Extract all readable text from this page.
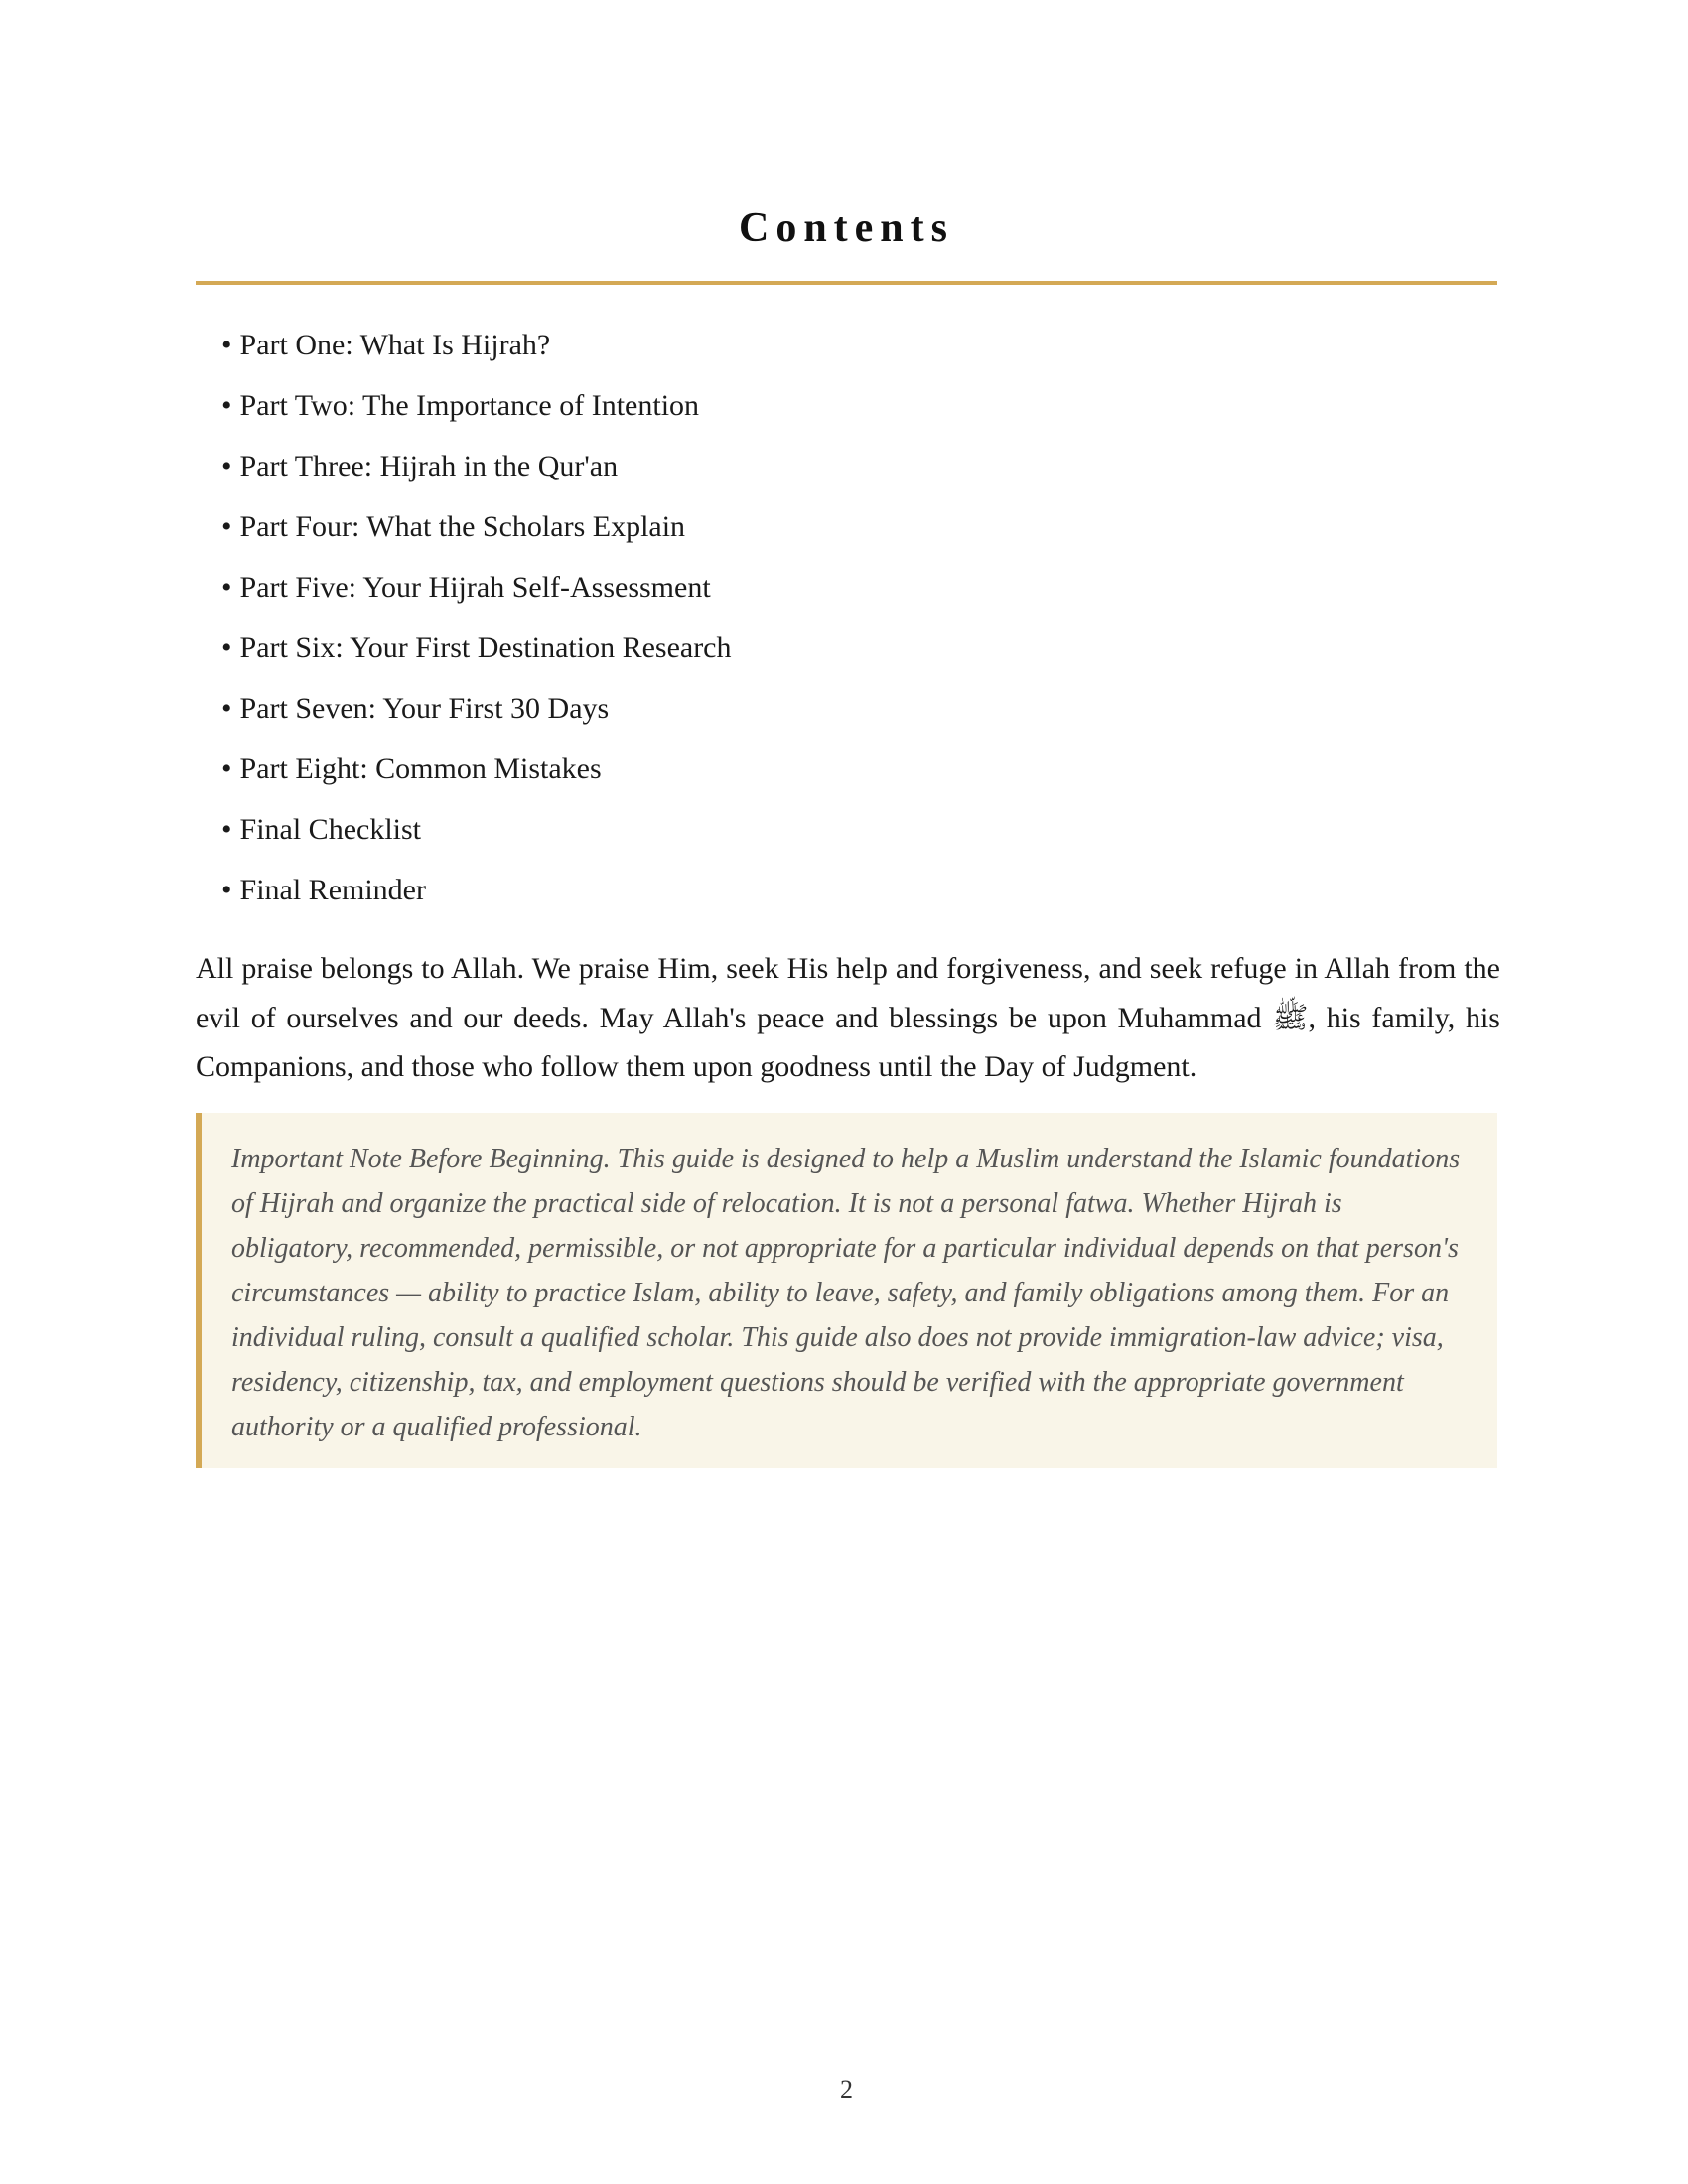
Contents
• Part One: What Is Hijrah?
• Part Two: The Importance of Intention
• Part Three: Hijrah in the Qur'an
• Part Four: What the Scholars Explain
• Part Five: Your Hijrah Self-Assessment
• Part Six: Your First Destination Research
• Part Seven: Your First 30 Days
• Part Eight: Common Mistakes
• Final Checklist
• Final Reminder

All praise belongs to Allah. We praise Him, seek His help and forgiveness, and seek refuge in Allah from the evil of ourselves and our deeds. May Allah's peace and blessings be upon Muhammad ﷺ, his family, his Companions, and those who follow them upon goodness until the Day of Judgment.

Important Note Before Beginning. This guide is designed to help a Muslim understand the Islamic foundations of Hijrah and organize the practical side of relocation. It is not a personal fatwa. Whether Hijrah is obligatory, recommended, permissible, or not appropriate for a particular individual depends on that person's circumstances — ability to practice Islam, ability to leave, safety, and family obligations among them. For an individual ruling, consult a qualified scholar. This guide also does not provide immigration-law advice; visa, residency, citizenship, tax, and employment questions should be verified with the appropriate government authority or a qualified professional.

2
